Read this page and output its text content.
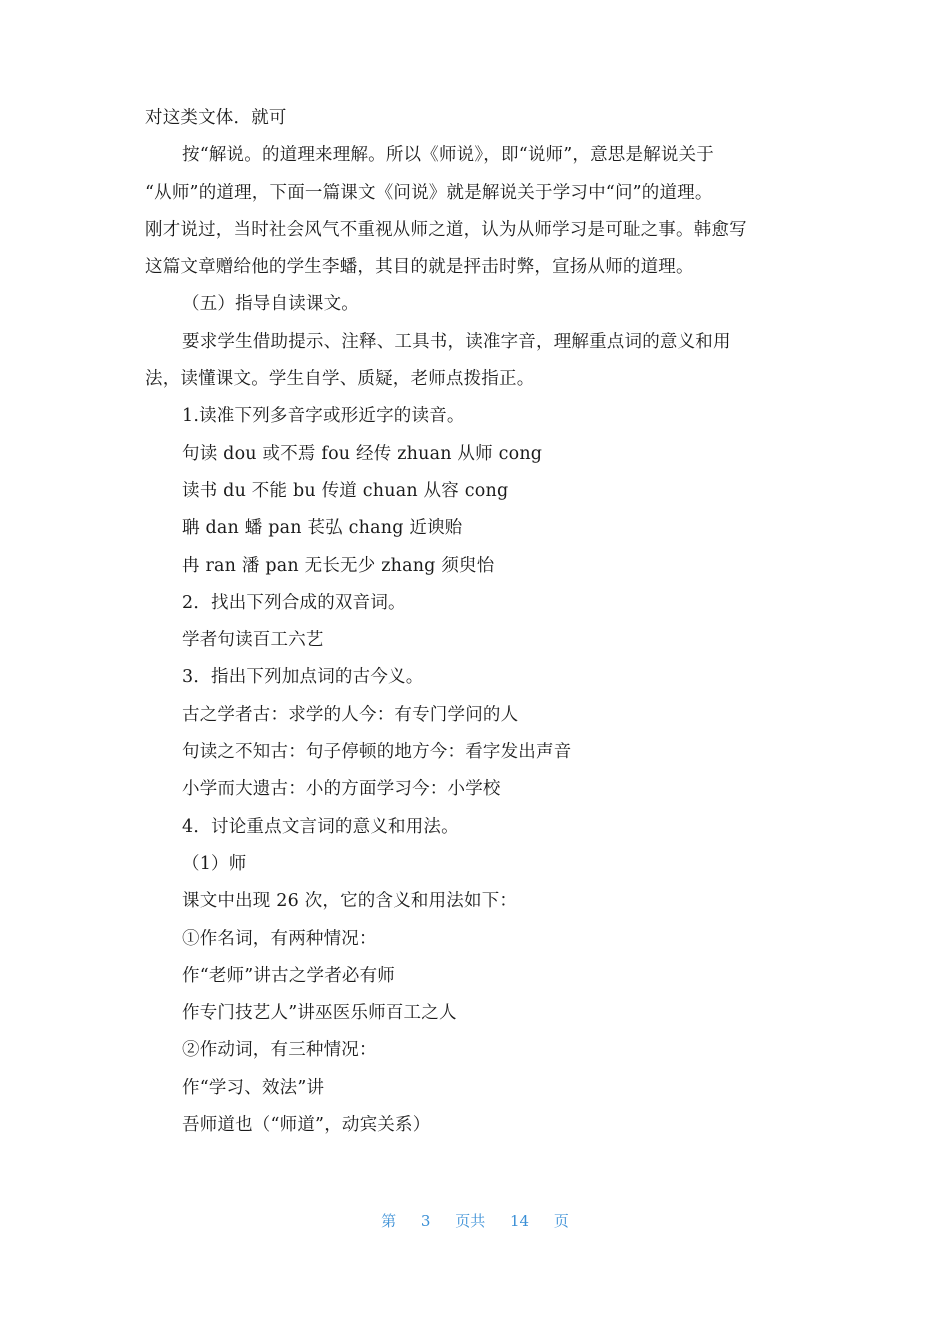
对这类文体．就可
按“解说。的道理来理解。所以《师说》，即“说师”，意思是解说关于
“从师”的道理，下面一篇课文《问说》就是解说关于学习中“问”的道理。
刚才说过，当时社会风气不重视从师之道，认为从师学习是可耻之事。韩愈写
这篇文章赠给他的学生李蟠，其目的就是抨击时弊，宣扬从师的道理。
（五）指导自读课文。
要求学生借助提示、注释、工具书，读准字音，理解重点词的意义和用
法，读懂课文。学生自学、质疑，老师点拨指正。
1.读准下列多音字或形近字的读音。
句读 dou 或不焉 fou 经传 zhuan 从师 cong
读书 du 不能 bu 传道 chuan 从容 cong
聃 dan 蟠 pan 苌弘 chang 近谀贻
冉 ran 潘 pan 无长无少 zhang 须臾怡
2．找出下列合成的双音词。
学者句读百工六艺
3．指出下列加点词的古今义。
古之学者古：求学的人今：有专门学问的人
句读之不知古：句子停顿的地方今：看字发出声音
小学而大遗古：小的方面学习今：小学校
4．讨论重点文言词的意义和用法。
（1）师
课文中出现 26 次，它的含义和用法如下：
①作名词，有两种情况：
作“老师”讲古之学者必有师
作专门技艺人”讲巫医乐师百工之人
②作动词，有三种情况：
作“学习、效法”讲
吾师道也（“师道”，动宾关系）
第 3 页共 14 页
